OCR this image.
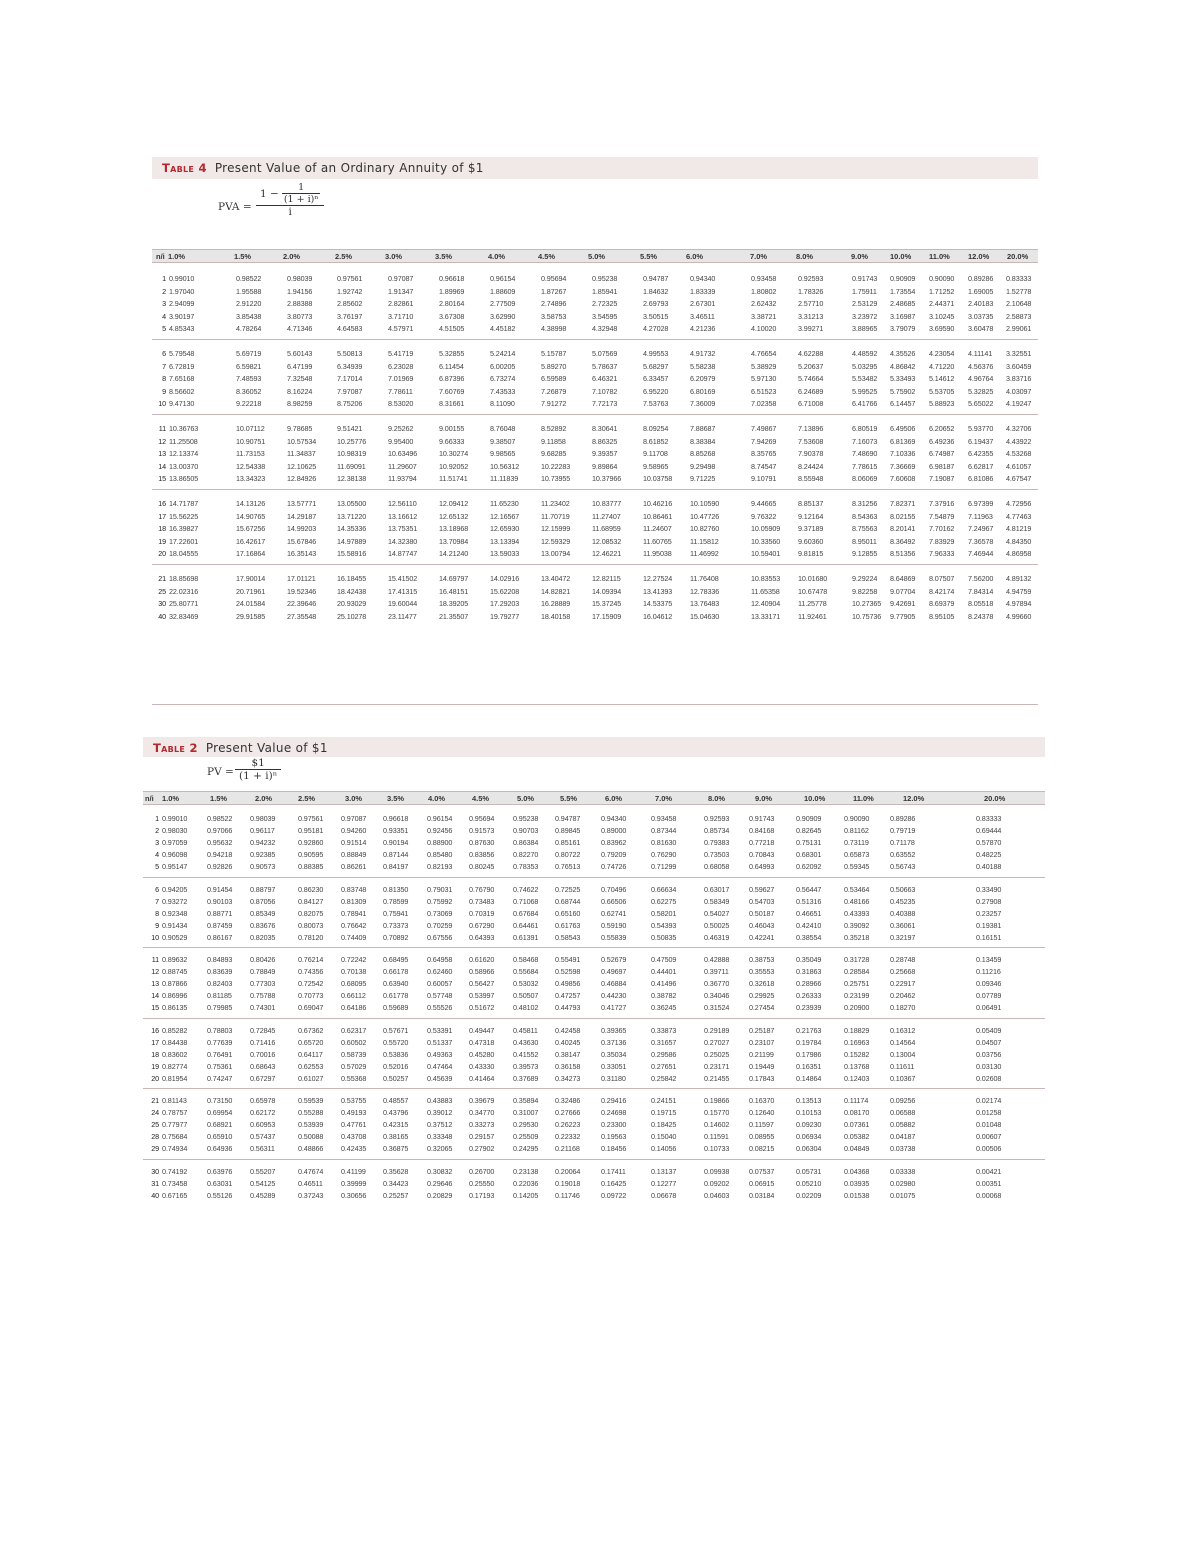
Table 4 Present Value of an Ordinary Annuity of $1
PVA =
$1 - \frac{1}{\text{(1 + i)ⁿ}}$
i
n/i 1.0%	1.5%	2.0%	2.5%	3.0%	3.5%	4.0%	4.5%	5.0%	5.5%	6.0%	7.0%	8.0%	9.0%	10.0% 11.0% 12.0% 20.0%
1 0.99010	0.98522	0.98039	0.97561	0.97087	0.96618	0.96154	0.95694	0.95238	0.94787	0.94340	0.93458	0.92593	0.91743 0.90909 0.90090 0.89286 0.83333
2 1.97040	1.95588	1.94156	1.92742	1.91347	1.89969	1.88609	1.87267	1.85941	1.84632	1.83339	1.80802	1.78326	1.75911 1.73554 1.71252 1.69005 1.52778
3 2.94099	2.91220	2.88388	2.85602	2.82861	2.80164	2.77509	2.74896	2.72325	2.69793	2.67301	2.62432	2.57710	2.53129 2.48685 2.44371 2.40183 2.10648
4 3.90197	3.85438	3.80773	3.76197	3.71710	3.67308	3.62990	3.58753	3.54595	3.50515	3.46511	3.38721	3.31213	3.23972 3.16987 3.10245 3.03735 2.58873
5 4.85343	4.78264	4.71346	4.64583	4.57971	4.51505	4.45182	4.38998	4.32948	4.27028	4.21236	4.10020	3.99271	3.88965 3.79079 3.69590 3.60478 2.99061
6 5.79548	5.69719	5.60143	5.50813	5.41719	5.32855	5.24214	5.15787	5.07569	4.99553	4.91732	4.76654	4.62288	4.48592 4.35526 4.23054 4.11141 3.32551
7 6.72819	6.59821	6.47199	6.34939	6.23028	6.11454	6.00205	5.89270	5.78637	5.68297	5.58238	5.38929	5.20637	5.03295 4.86842 4.71220 4.56376 3.60459
8 7.65168	7.48593	7.32548	7.17014	7.01969	6.87396	6.73274	6.59589	6.46321	6.33457	6.20979	5.97130	5.74664	5.53482 5.33493 5.14612 4.96764 3.83716
9 8.56602	8.36052	8.16224	7.97087	7.78611	7.60769	7.43533	7.26879	7.10782	6.95220	6.80169	6.51523	6.24689	5.99525 5.75902 5.53705 5.32825 4.03097
10 9.47130	9.22218	8.98259	8.75206	8.53020	8.31661	8.11090	7.91272	7.72173	7.53763	7.36009	7.02358	6.71008	6.41766 6.14457 5.88923 5.65022 4.19247
11 10.36763	10.07112	9.78685	9.51421	9.25262	9.00155	8.76048	8.52892	8.30641	8.09254	7.88687	7.49867	7.13896	6.80519 6.49506 6.20652 5.93770 4.32706
12 11.25508	10.90751	10.57534	10.25776	9.95400	9.66333	9.38507	9.11858	8.86325	8.61852	8.38384	7.94269	7.53608	7.16073 6.81369 6.49236 6.19437 4.43922
13 12.13374	11.73153	11.34837	10.98319	10.63496	10.30274	9.98565	9.68285	9.39357	9.11708	8.85268	8.35765	7.90378	7.48690 7.10336 6.74987 6.42355 4.53268
14 13.00370	12.54338	12.10625	11.69091	11.29607	10.92052	10.56312	10.22283	9.89864	9.58965	9.29498	8.74547	8.24424	7.78615 7.36669 6.98187 6.62817 4.61057
15 13.86505	13.34323	12.84926	12.38138	11.93794	11.51741	11.11839	10.73955	10.37966	10.03758 9.71225	9.10791	8.55948	8.06069 7.60608 7.19087 6.81086 4.67547
16 14.71787	14.13126	13.57771	13.05500	12.56110	12.09412	11.65230	11.23402	10.83777	10.46216 10.10590	9.44665	8.85137	8.31256 7.82371 7.37916 6.97399 4.72956
17 15.56225	14.90765	14.29187	13.71220	13.16612	12.65132	12.16567	11.70719	11.27407	10.86461 10.47726	9.76322	9.12164	8.54363 8.02155 7.54879 7.11963 4.77463
18 16.39827	15.67256	14.99203	14.35336	13.75351	13.18968	12.65930	12.15999	11.68959	11.24607	10.82760	10.05909 9.37189	8.75563 8.20141 7.70162 7.24967 4.81219
19 17.22601	16.42617	15.67846	14.97889	14.32380	13.70984	13.13394	12.59329	12.08532	11.60765	11.15812	10.33560 9.60360	8.95011 8.36492 7.83929 7.36578 4.84350
20 18.04555	17.16864	16.35143	15.58916	14.87747	14.21240	13.59033	13.00794	12.46221	11.95038	11.46992	10.59401 9.81815	9.12855 8.51356 7.96333 7.46944 4.86958
21 18.85698	17.90014	17.01121	16.18455	15.41502	14.69797	14.02916	13.40472	12.82115	12.27524 11.76408	10.83553 10.01680	9.29224 8.64869 8.07507 7.56200 4.89132
25 22.02316	20.71961	19.52346	18.42438	17.41315	16.48151	15.62208	14.82821	14.09394	13.41393 12.78336	11.65358	10.67478	9.82258 9.07704 8.42174 7.84314 4.94759
30 25.80771	24.01584	22.39646	20.93029	19.60044	18.39205	17.29203	16.28889	15.37245	14.53375 13.76483	12.40904 11.25778	10.27365 9.42691 8.69379 8.05518 4.97894
40 32.83469	29.91585	27.35548	25.10278	23.11477	21.35507	19.79277	18.40158	17.15909	16.04612 15.04630	13.33171 11.92461	10.75736 9.77905 8.95105 8.24378 4.99660
Table 2 Present Value of $1
PV =
$1
(1 + i)ⁿ
n/i 1.0%	1.5%	2.0%	2.5%	3.0%	3.5%	4.0%	4.5%	5.0%	5.5%	6.0%	7.0%	8.0%	9.0%	10.0%	11.0%	12.0%	20.0%
1 0.99010	0.98522 0.98039	0.97561 0.97087 0.96618	0.96154 0.95694	0.95238 0.94787	0.94340	0.93458	0.92593	0.91743	0.90909	0.90090	0.89286	0.83333
2 0.98030	0.97066 0.96117	0.95181 0.94260 0.93351	0.92456 0.91573	0.90703 0.89845	0.89000	0.87344	0.85734	0.84168	0.82645	0.81162	0.79719	0.69444
3 0.97059	0.95632 0.94232	0.92860 0.91514 0.90194	0.88900 0.87630	0.86384 0.85161	0.83962	0.81630	0.79383	0.77218	0.75131	0.73119	0.71178	0.57870
4 0.96098	0.94218 0.92385	0.90595 0.88849 0.87144	0.85480 0.83856	0.82270 0.80722	0.79209	0.76290	0.73503	0.70843	0.68301	0.65873	0.63552	0.48225
5 0.95147	0.92826 0.90573	0.88385 0.86261 0.84197	0.82193 0.80245	0.78353 0.76513	0.74726	0.71299	0.68058	0.64993	0.62092	0.59345	0.56743	0.40188
6 0.94205	0.91454 0.88797	0.86230 0.83748 0.81350	0.79031 0.76790	0.74622 0.72525	0.70496	0.66634	0.63017	0.59627	0.56447	0.53464	0.50663	0.33490
7 0.93272	0.90103 0.87056	0.84127 0.81309 0.78599	0.75992 0.73483	0.71068 0.68744	0.66506	0.62275	0.58349	0.54703	0.51316	0.48166	0.45235	0.27908
8 0.92348	0.88771 0.85349	0.82075 0.78941 0.75941	0.73069 0.70319	0.67684 0.65160	0.62741	0.58201	0.54027	0.50187	0.46651	0.43393	0.40388	0.23257
9 0.91434	0.87459 0.83676	0.80073 0.76642 0.73373	0.70259 0.67290	0.64461 0.61763	0.59190	0.54393	0.50025	0.46043	0.42410	0.39092	0.36061	0.19381
10 0.90529	0.86167 0.82035	0.78120 0.74409 0.70892	0.67556 0.64393	0.61391 0.58543	0.55839	0.50835	0.46319	0.42241	0.38554	0.35218	0.32197	0.16151
11 0.89632	0.84893 0.80426	0.76214 0.72242 0.68495	0.64958 0.61620	0.58468 0.55491	0.52679	0.47509	0.42888	0.38753	0.35049	0.31728	0.28748	0.13459
12 0.88745	0.83639 0.78849	0.74356 0.70138 0.66178	0.62460 0.58966	0.55684 0.52598	0.49697	0.44401	0.39711	0.35553	0.31863	0.28584	0.25668	0.11216
13 0.87866	0.82403 0.77303	0.72542 0.68095 0.63940	0.60057 0.56427	0.53032 0.49856	0.46884	0.41496	0.36770	0.32618	0.28966	0.25751	0.22917	0.09346
14 0.86996	0.81185	0.75788	0.70773 0.66112 0.61778	0.57748 0.53997	0.50507 0.47257	0.44230	0.38782	0.34046	0.29925	0.26333	0.23199	0.20462	0.07789
15 0.86135	0.79985 0.74301	0.69047 0.64186 0.59689	0.55526 0.51672	0.48102 0.44793	0.41727	0.36245	0.31524	0.27454	0.23939	0.20900	0.18270	0.06491
16 0.85282	0.78803 0.72845	0.67362 0.62317 0.57671	0.53391 0.49447	0.45811 0.42458	0.39365	0.33873	0.29189	0.25187	0.21763	0.18829	0.16312	0.05409
17 0.84438	0.77639 0.71416	0.65720 0.60502 0.55720	0.51337 0.47318	0.43630 0.40245	0.37136	0.31657	0.27027	0.23107	0.19784	0.16963	0.14564	0.04507
18 0.83602	0.76491 0.70016	0.64117	0.58739 0.53836	0.49363 0.45280	0.41552 0.38147	0.35034	0.29586	0.25025	0.21199	0.17986	0.15282	0.13004	0.03756
19 0.82774	0.75361 0.68643	0.62553 0.57029 0.52016	0.47464 0.43330	0.39573 0.36158	0.33051	0.27651	0.23171	0.19449	0.16351	0.13768	0.11611	0.03130
20 0.81954	0.74247 0.67297	0.61027 0.55368 0.50257	0.45639 0.41464	0.37689 0.34273	0.31180	0.25842	0.21455	0.17843	0.14864	0.12403	0.10367	0.02608
21 0.81143	0.73150 0.65978	0.59539 0.53755 0.48557	0.43883 0.39679	0.35894 0.32486	0.29416	0.24151	0.19866	0.16370	0.13513	0.11174	0.09256	0.02174
24 0.78757	0.69954 0.62172	0.55288 0.49193 0.43796	0.39012 0.34770	0.31007 0.27666	0.24698	0.19715	0.15770	0.12640	0.10153	0.08170	0.06588	0.01258
25 0.77977	0.68921 0.60953	0.53939 0.47761 0.42315	0.37512 0.33273	0.29530 0.26223	0.23300	0.18425	0.14602	0.11597	0.09230	0.07361	0.05882	0.01048
28 0.75684	0.65910 0.57437	0.50088 0.43708 0.38165	0.33348 0.29157	0.25509 0.22332	0.19563	0.15040	0.11591	0.08955	0.06934	0.05382	0.04187	0.00607
29 0.74934	0.64936 0.56311	0.48866 0.42435 0.36875	0.32065 0.27902	0.24295 0.21168	0.18456	0.14056	0.10733	0.08215	0.06304	0.04849	0.03738	0.00506
30 0.74192	0.63976 0.55207	0.47674 0.41199 0.35628	0.30832 0.26700	0.23138 0.20064	0.17411	0.13137	0.09938	0.07537	0.05731	0.04368	0.03338	0.00421
31 0.73458	0.63031 0.54125	0.46511	0.39999 0.34423	0.29646 0.25550	0.22036 0.19018	0.16425	0.12277	0.09202	0.06915	0.05210	0.03935	0.02980	0.00351
40 0.67165	0.55126 0.45289	0.37243 0.30656 0.25257	0.20829 0.17193	0.14205 0.11746	0.09722	0.06678	0.04603	0.03184	0.02209	0.01538	0.01075	0.00068
